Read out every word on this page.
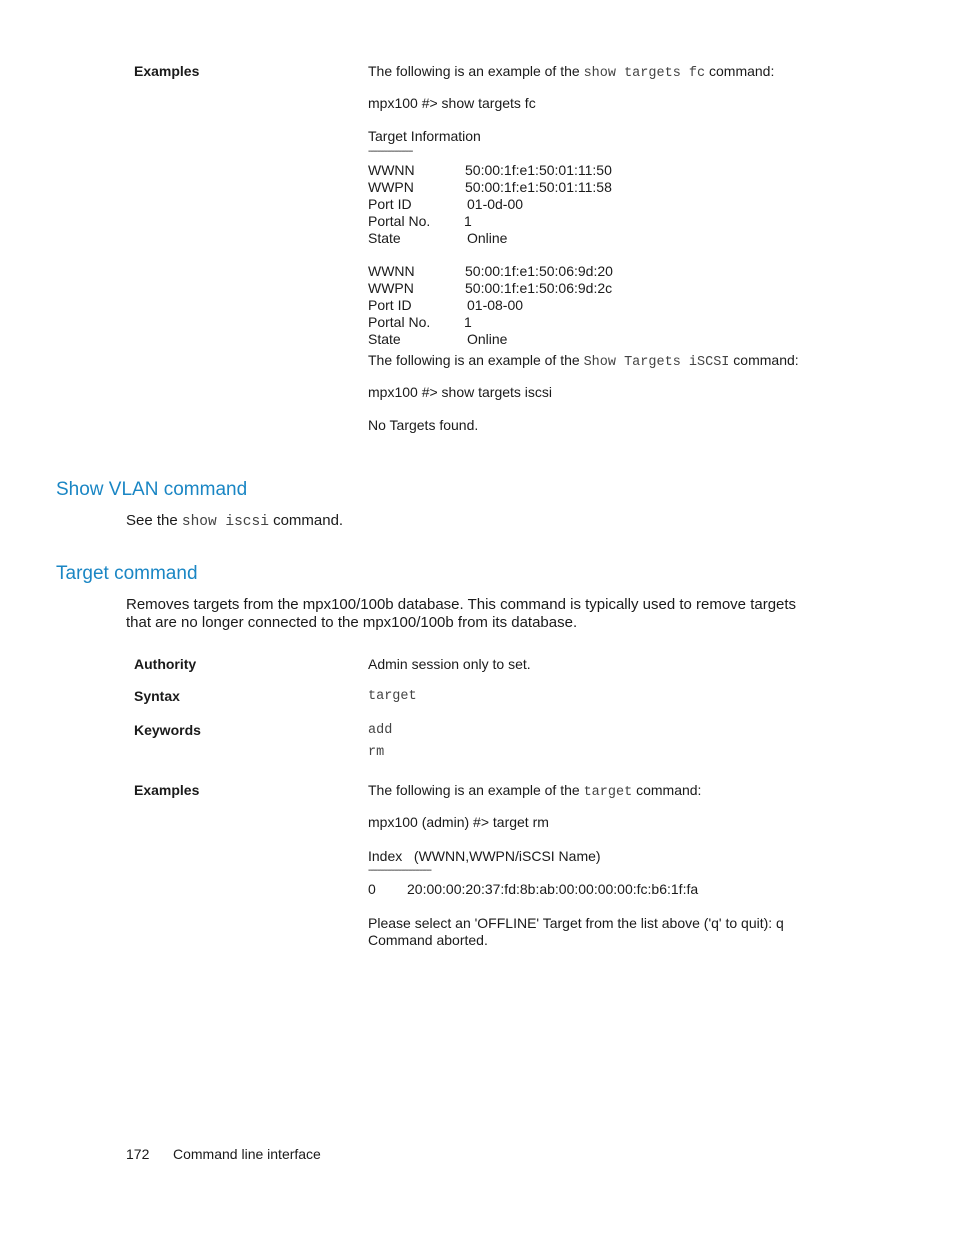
Examples	The following is an example of the show targets fc command:
mpx100 #> show targets fc
Target Information
-------------------
WWNN	50:00:1f:e1:50:01:11:50
WWPN	50:00:1f:e1:50:01:11:58
Port ID	01-0d-00
Portal No. 1
State	Online
WWNN	50:00:1f:e1:50:06:9d:20
WWPN	50:00:1f:e1:50:06:9d:2c
Port ID	01-08-00
Portal No. 1
State	Online
The following is an example of the Show Targets iSCSI command:
mpx100 #> show targets iscsi
No Targets found.
Show VLAN command
See the show iscsi command.
Target command
Removes targets from the mpx100/100b database. This command is typically used to remove targets
that are no longer connected to the mpx100/100b from its database.
Authority	Admin session only to set.
Syntax	target
Keywords	add
rm
Examples	The following is an example of the target command:
mpx100 (admin) #> target rm
Index   (WWNN,WWPN/iSCSI Name)
---------------------------
0 20:00:00:20:37:fd:8b:ab:00:00:00:00:fc:b6:1f:fa
Please select an 'OFFLINE' Target from the list above ('q' to quit): q
Command aborted.
172 Command line interface
